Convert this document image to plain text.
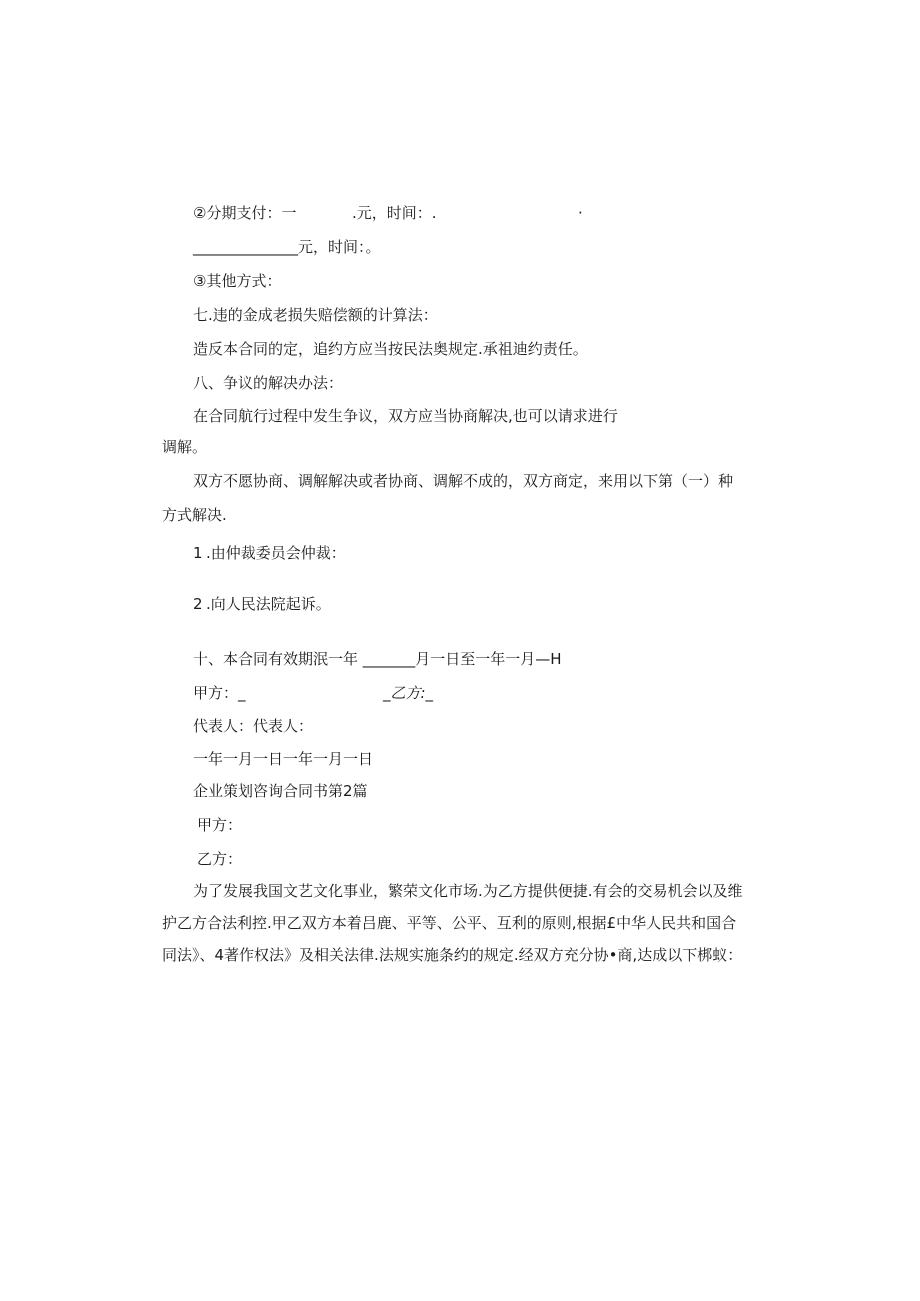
②分期支付：一	.元，时间：.	·
______________元，时间：。
③其他方式：
七.违的金成老损失赔偿额的计算法：
造反本合同的定，追约方应当按民法奥规定.承祖迪约责任。
八、争议的解决办法：
在合同航行过程中发生争议，双方应当协商解决,也可以请求进行
调解。
双方不愿协商、调解解决或者协商、调解不成的，双方商定，来用以下第（一）种
方式解决.
1 .由仲裁委员会仲裁：
2 .向人民法院起诉。
十、本合同有效期泯一年 _______月一日至一年一月—H
甲方：_	_乙方:_
代表人：代表人：
一年一月一日一年一月一日
企业策划咨询合同书第2篇
甲方：
乙方：
为了发展我国文艺文化事业，繁荣文化市场.为乙方提供便捷.有会的交易机会以及维
护乙方合法利控.甲乙双方本着吕鹿、平等、公平、互利的原则,根据£中华人民共和国合
同法》、4著作权法》及相关法律.法规实施条约的规定.经双方充分协•商,达成以下梆蚁：
